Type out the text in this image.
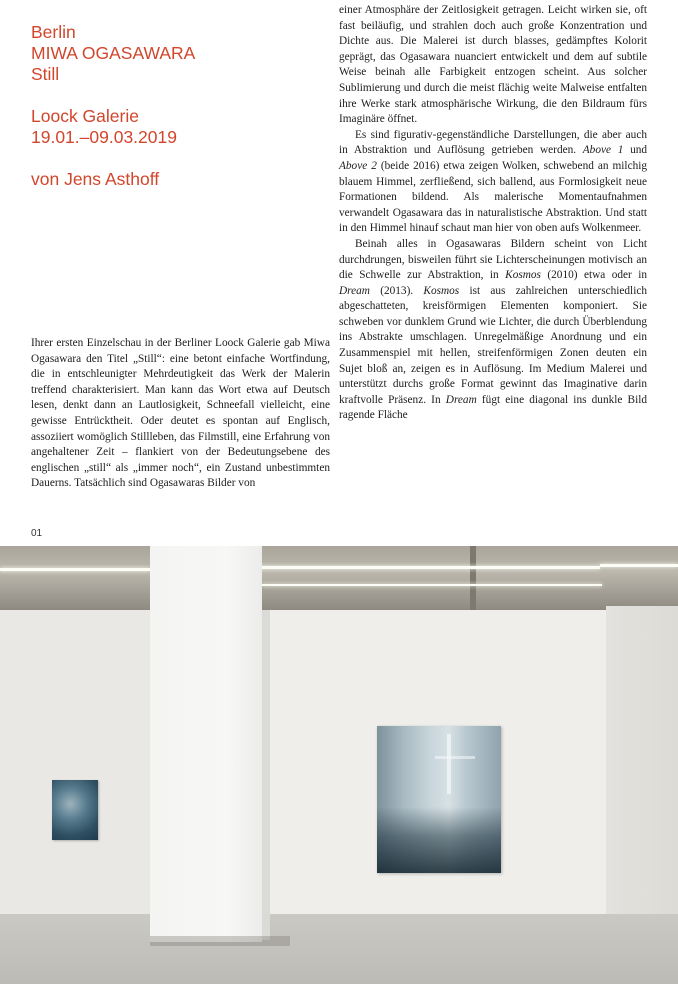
Berlin

MIWA OGASAWARA

Still

Loock Galerie

19.01.–09.03.2019

von Jens Asthoff

Ihrer ersten Einzelschau in der Berliner Loock Galerie gab Miwa Ogasawara den Titel „Still“: eine betont einfache Wortfindung, die in entschleunigter Mehrdeutigkeit das Werk der Malerin treffend charakterisiert. Man kann das Wort etwa auf Deutsch lesen, denkt dann an Lautlosigkeit, Schneefall vielleicht, eine gewisse Entrücktheit. Oder deutet es spontan auf Englisch, assoziiert womöglich Stillleben, das Filmstill, eine Erfahrung von angehaltener Zeit – flankiert von der Bedeutungsebene des englischen „still“ als „immer noch“, ein Zustand unbestimmten Dauerns. Tatsächlich sind Ogasawaras Bilder von

einer Atmosphäre der Zeitlosigkeit getragen. Leicht wirken sie, oft fast beiläufig, und strahlen doch auch große Konzentration und Dichte aus. Die Malerei ist durch blasses, gedämpftes Kolorit geprägt, das Ogasawara nuanciert entwickelt und dem auf subtile Weise beinah alle Farbigkeit entzogen scheint. Aus solcher Sublimierung und durch die meist flächig weite Malweise entfalten ihre Werke stark atmosphärische Wirkung, die den Bildraum fürs Imaginäre öffnet.

Es sind figurativ-gegenständliche Darstellungen, die aber auch in Abstraktion und Auflösung getrieben werden. Above 1 und Above 2 (beide 2016) etwa zeigen Wolken, schwebend an milchig blauem Himmel, zerfließend, sich ballend, aus Formlosigkeit neue Formationen bildend. Als malerische Momentaufnahmen verwandelt Ogasawara das in naturalistische Abstraktion. Und statt in den Himmel hinauf schaut man hier von oben aufs Wolkenmeer.

Beinah alles in Ogasawaras Bildern scheint von Licht durchdrungen, bisweilen führt sie Lichterscheinungen motivisch an die Schwelle zur Abstraktion, in Kosmos (2010) etwa oder in Dream (2013). Kosmos ist aus zahlreichen unterschiedlich abgeschatteten, kreisförmigen Elementen komponiert. Sie schweben vor dunklem Grund wie Lichter, die durch Überblendung ins Abstrakte umschlagen. Unregelmäßige Anordnung und ein Zusammenspiel mit hellen, streifenförmigen Zonen deuten ein Sujet bloß an, zeigen es in Auflösung. Im Medium Malerei und unterstützt durchs große Format gewinnt das Imaginative darin kraftvolle Präsenz. In Dream fügt eine diagonal ins dunkle Bild ragende Fläche

01
